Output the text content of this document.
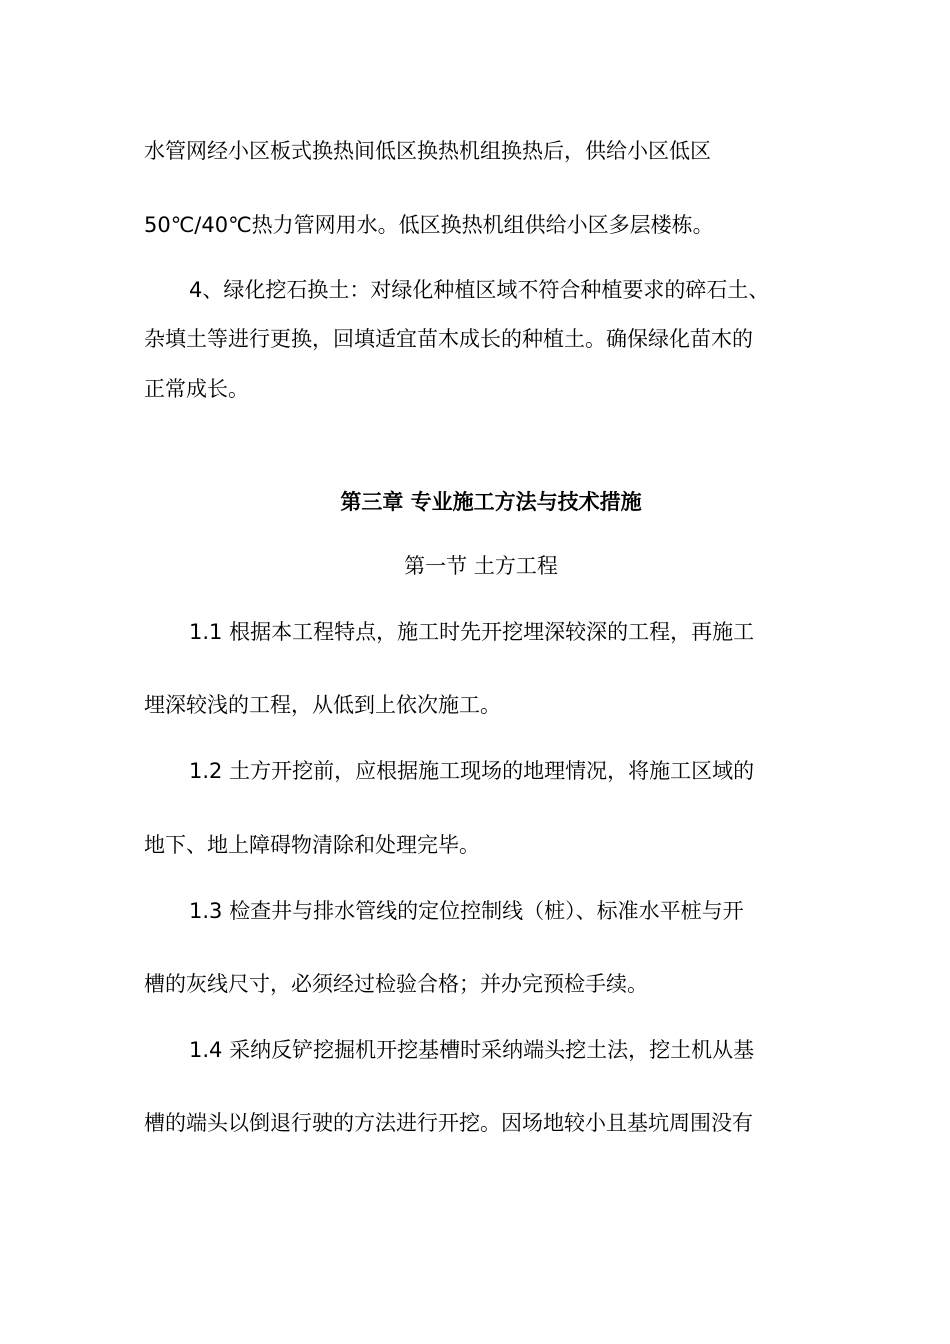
水管网经小区板式换热间低区换热机组换热后，供给小区低区
50℃/40℃热力管网用水。低区换热机组供给小区多层楼栋。
4、绿化挖石换土：对绿化种植区域不符合种植要求的碎石土、
杂填土等进行更换，回填适宜苗木成长的种植土。确保绿化苗木的
正常成长。
第三章 专业施工方法与技术措施
第一节 土方工程
1.1 根据本工程特点，施工时先开挖埋深较深的工程，再施工
埋深较浅的工程，从低到上依次施工。
1.2 土方开挖前，应根据施工现场的地理情况，将施工区域的
地下、地上障碍物清除和处理完毕。
1.3 检查井与排水管线的定位控制线（桩）、标准水平桩与开
槽的灰线尺寸，必须经过检验合格；并办完预检手续。
1.4 采纳反铲挖掘机开挖基槽时采纳端头挖土法，挖土机从基
槽的端头以倒退行驶的方法进行开挖。因场地较小且基坑周围没有
